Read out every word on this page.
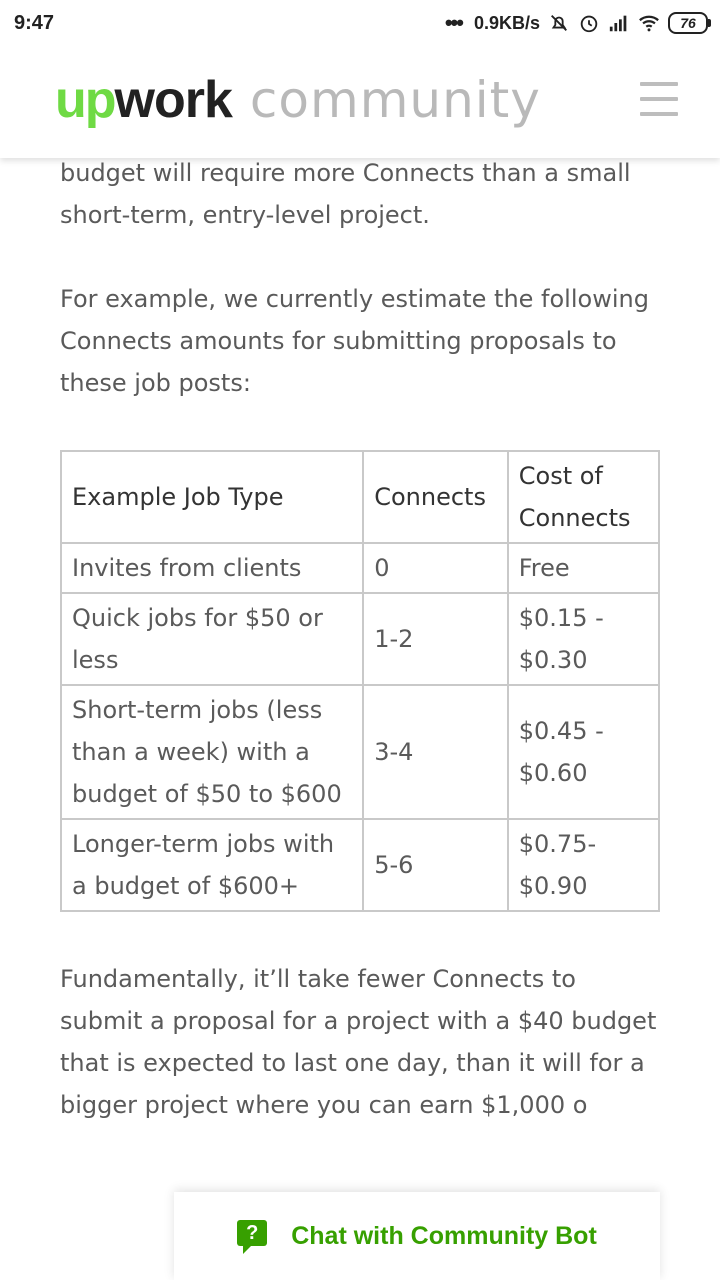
9:47	••• 0.9KB/s	76
up work community

budget will require more Connects than a small short-term, entry-level project.

For example, we currently estimate the following Connects amounts for submitting proposals to these job posts:

Example Job Type	Connects	Cost of Connects
Invites from clients	0	Free
Quick jobs for $50 or less	1-2	$0.15 - $0.30
Short-term jobs (less than a week) with a budget of $50 to $600	3-4	$0.45 - $0.60
Longer-term jobs with a budget of $600+	5-6	$0.75- $0.90

Fundamentally, it’ll take fewer Connects to submit a proposal for a project with a $40 budget that is expected to last one day, than it will for a bigger project where you can earn $1,000 o

?	Chat with Community Bot
